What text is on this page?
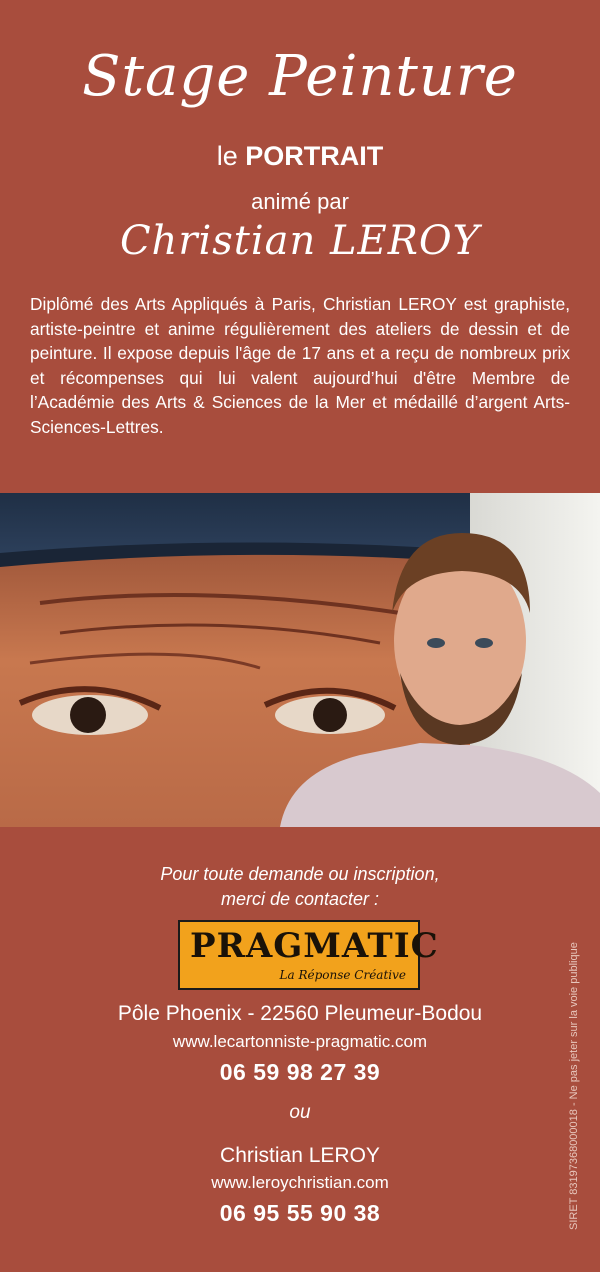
Stage Peinture
le PORTRAIT
animé par
Christian LEROY
Diplômé des Arts Appliqués à Paris, Christian LEROY est graphiste, artiste-peintre et anime régulièrement des ateliers de dessin et de peinture. Il expose depuis l'âge de 17 ans et a reçu de nombreux prix et récompenses qui lui valent aujourd’hui d'être Membre de l’Académie des Arts & Sciences de la Mer et médaillé d’argent Arts-Sciences-Lettres.
Pour toute demande ou inscription,
merci de contacter :
PRAGMATIC
La Réponse Créative
Pôle Phoenix - 22560 Pleumeur-Bodou
www.lecartonniste-pragmatic.com
06 59 98 27 39
ou
Christian LEROY
www.leroychristian.com
06 95 55 90 38	SIRET 83197368000018 - Ne pas jeter sur la voie publique
